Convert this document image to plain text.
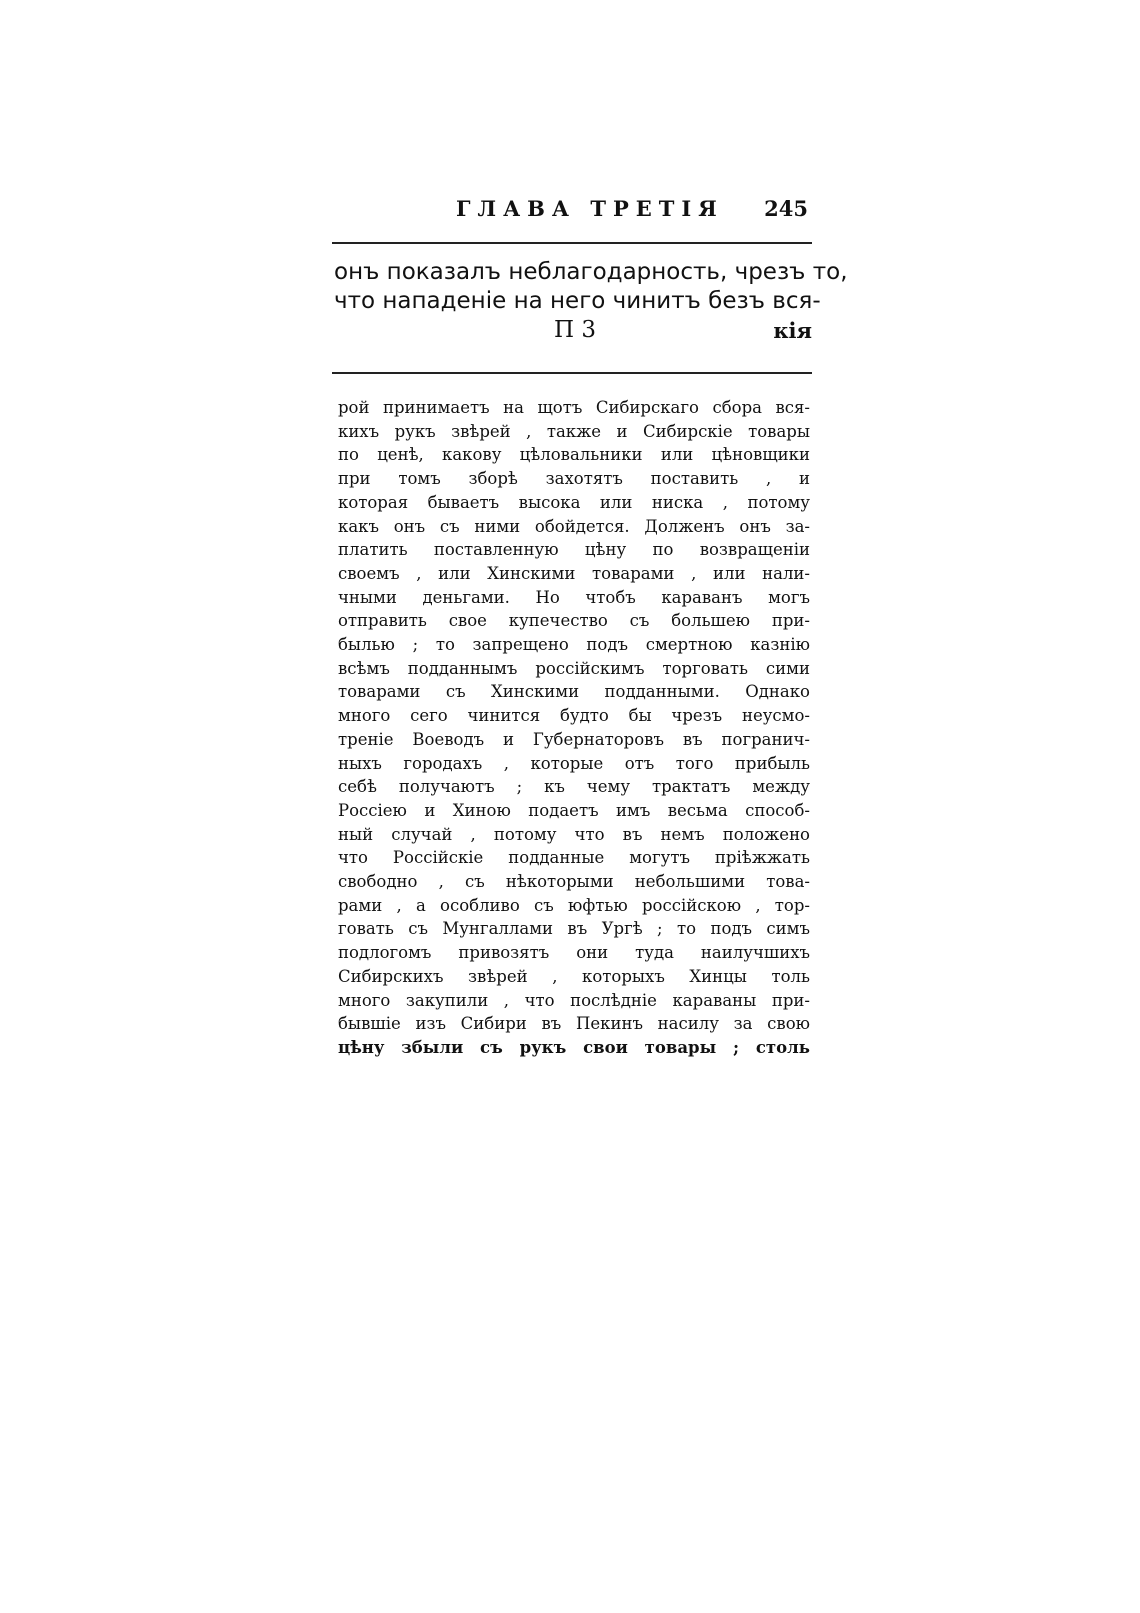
ГЛАВА ТРЕТІЯ 245
онъ показалъ неблагодарность, чрезъ то,
что нападеніе на него чинитъ безъ вся-
П 3	кія
рой принимаетъ на щотъ Сибирскаго сбора вся-
кихъ рукъ звѣрей , также и Сибирскіе товары
по ценѣ, какову цѣловальники или цѣновщики
при томъ зборѣ захотятъ поставить , и
которая бываетъ высока или ниска , потому
какъ онъ съ ними обойдется. Долженъ онъ за-
платить поставленную цѣну по возвращеніи
своемъ , или Хинскими товарами , или нали-
чными деньгами. Но чтобъ караванъ могъ
отправить свое купечество съ большею при-
былью ; то запрещено подъ смертною казнію
всѣмъ подданнымъ россійскимъ торговать сими
товарами съ Хинскими подданными. Однако
много сего чинится будто бы чрезъ неусмо-
треніе Воеводъ и Губернаторовъ въ погранич-
ныхъ городахъ , которые отъ того прибыль
себѣ получаютъ ; къ чему трактатъ между
Россіею и Хиною подаетъ имъ весьма способ-
ный случай , потому что въ немъ положено
что Россійскіе подданные могутъ пріѣжжать
свободно , съ нѣкоторыми небольшими това-
рами , а особливо съ юфтью россійскою , тор-
говать съ Мунгаллами въ Ургѣ ; то подъ симъ
подлогомъ привозятъ они туда наилучшихъ
Сибирскихъ звѣрей , которыхъ Хинцы толь
много закупили , что послѣдніе караваны при-
бывшіе изъ Сибири въ Пекинъ насилу за свою
цѣну збыли съ рукъ свои товары ; столь
